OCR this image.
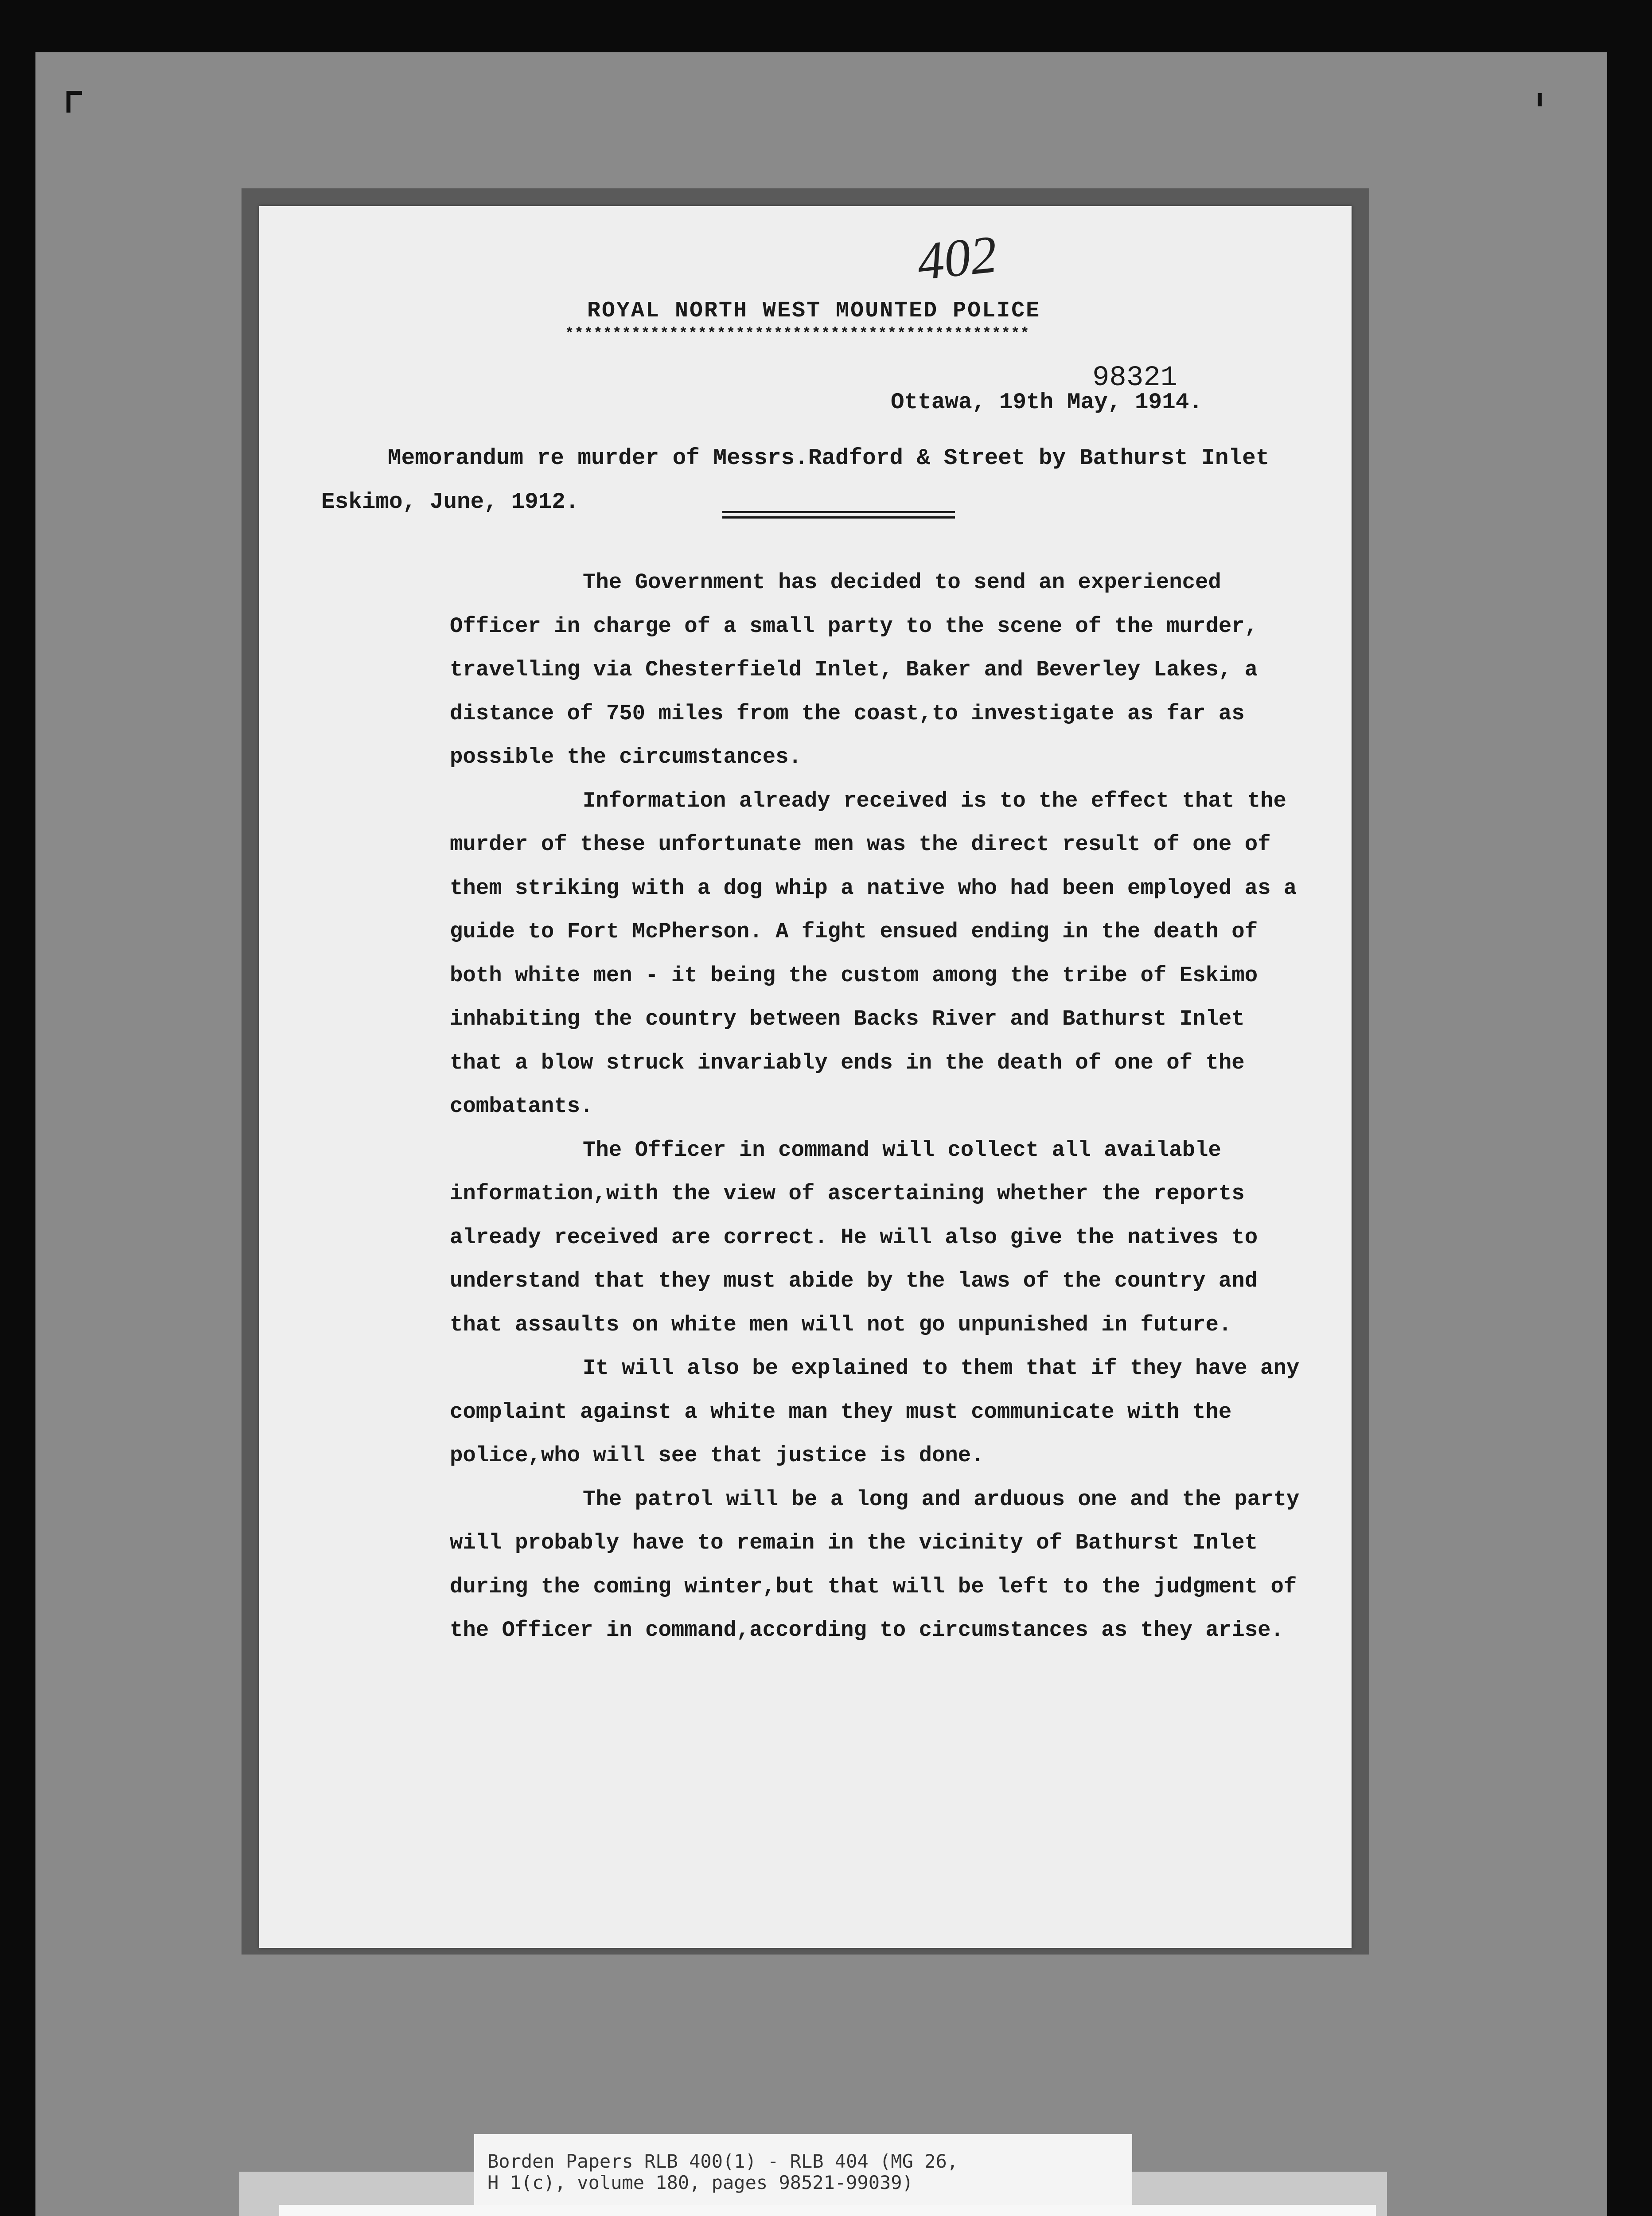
402
ROYAL NORTH WEST MOUNTED POLICE
*************************************************
98321
Ottawa, 19th May, 1914.
Memorandum re murder of Messrs.Radford & Street by Bathurst Inlet Eskimo, June, 1912.

The Government has decided to send an experienced Officer in charge of a small party to the scene of the murder, travelling via Chesterfield Inlet, Baker and Beverley Lakes, a distance of 750 miles from the coast,to investigate as far as possible the circumstances.

Information already received is to the effect that the murder of these unfortunate men was the direct result of one of them striking with a dog whip a native who had been employed as a guide to Fort McPherson. A fight ensued ending in the death of both white men - it being the custom among the tribe of Eskimo inhabiting the country between Backs River and Bathurst Inlet that a blow struck invariably ends in the death of one of the combatants.

The Officer in command will collect all available information,with the view of ascertaining whether the reports already received are correct. He will also give the natives to understand that they must abide by the laws of the country and that assaults on white men will not go unpunished in future.

It will also be explained to them that if they have any complaint against a white man they must communicate with the police,who will see that justice is done.

The patrol will be a long and arduous one and the party will probably have to remain in the vicinity of Bathurst Inlet during the coming winter,but that will be left to the judgment of the Officer in command,according to circumstances as they arise.

Borden Papers RLB 400(1) - RLB 404 (MG 26,
H 1(c), volume 180, pages 98521-99039)
